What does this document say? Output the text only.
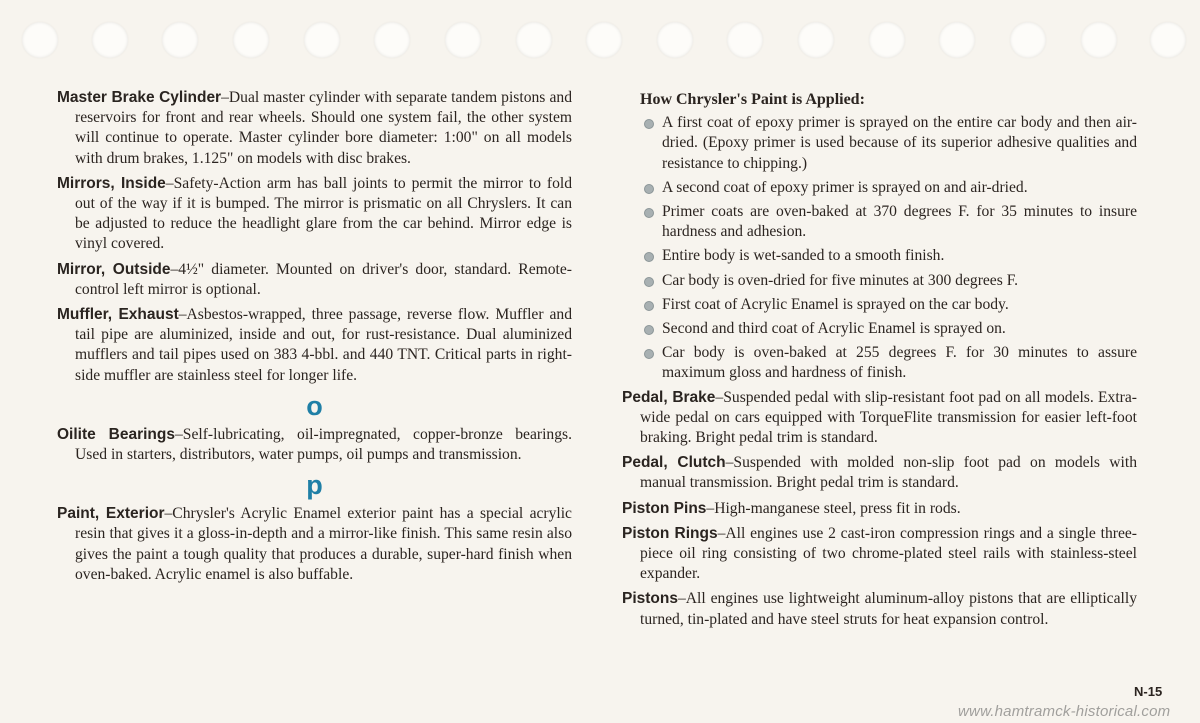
Master Brake Cylinder–Dual master cylinder with separate tandem pistons and reservoirs for front and rear wheels. Should one system fail, the other system will continue to operate. Master cylinder bore diameter: 1:00" on all models with drum brakes, 1.125" on models with disc brakes.

Mirrors, Inside–Safety-Action arm has ball joints to permit the mirror to fold out of the way if it is bumped. The mirror is prismatic on all Chryslers. It can be adjusted to reduce the headlight glare from the car behind. Mirror edge is vinyl covered.

Mirror, Outside–4½" diameter. Mounted on driver's door, standard. Remote-control left mirror is optional.

Muffler, Exhaust–Asbestos-wrapped, three passage, reverse flow. Muffler and tail pipe are aluminized, inside and out, for rust-resistance. Dual aluminized mufflers and tail pipes used on 383 4-bbl. and 440 TNT. Critical parts in right-side muffler are stainless steel for longer life.

o

Oilite Bearings–Self-lubricating, oil-impregnated, copper-bronze bearings. Used in starters, distributors, water pumps, oil pumps and transmission.

p

Paint, Exterior–Chrysler's Acrylic Enamel exterior paint has a special acrylic resin that gives it a gloss-in-depth and a mirror-like finish. This same resin also gives the paint a tough quality that produces a durable, super-hard finish when oven-baked. Acrylic enamel is also buffable.

How Chrysler's Paint is Applied:
A first coat of epoxy primer is sprayed on the entire car body and then air-dried. (Epoxy primer is used because of its superior adhesive qualities and resistance to chipping.)
A second coat of epoxy primer is sprayed on and air-dried.
Primer coats are oven-baked at 370 degrees F. for 35 minutes to insure hardness and adhesion.
Entire body is wet-sanded to a smooth finish.
Car body is oven-dried for five minutes at 300 degrees F.
First coat of Acrylic Enamel is sprayed on the car body.
Second and third coat of Acrylic Enamel is sprayed on.
Car body is oven-baked at 255 degrees F. for 30 minutes to assure maximum gloss and hardness of finish.

Pedal, Brake–Suspended pedal with slip-resistant foot pad on all models. Extra-wide pedal on cars equipped with TorqueFlite transmission for easier left-foot braking. Bright pedal trim is standard.

Pedal, Clutch–Suspended with molded non-slip foot pad on models with manual transmission. Bright pedal trim is standard.

Piston Pins–High-manganese steel, press fit in rods.

Piston Rings–All engines use 2 cast-iron compression rings and a single three-piece oil ring consisting of two chrome-plated steel rails with stainless-steel expander.

Pistons–All engines use lightweight aluminum-alloy pistons that are elliptically turned, tin-plated and have steel struts for heat expansion control.

N-15
www.hamtramck-historical.com
